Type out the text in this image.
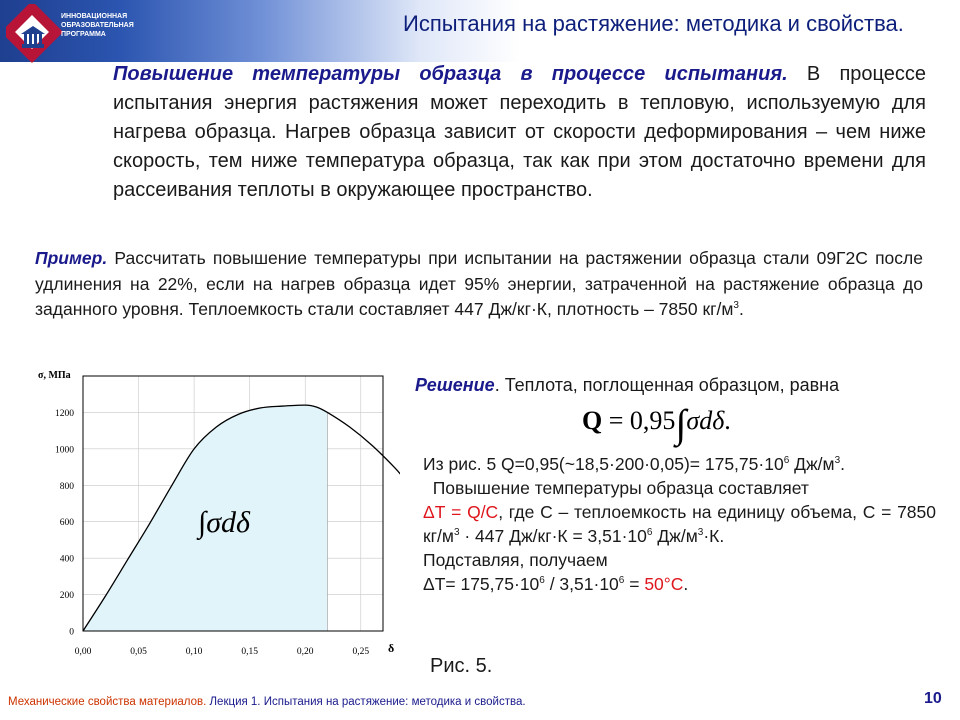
ИННОВАЦИОННАЯ
ОБРАЗОВАТЕЛЬНАЯ
ПРОГРАММА
УГТУ-УПИ
Испытания на растяжение: методика и свойства.
Повышение температуры образца в процессе испытания. В процессе испытания энергия растяжения может переходить в тепловую, используемую для нагрева образца. Нагрев образца зависит от скорости деформирования – чем ниже скорость, тем ниже температура образца, так как при этом достаточно времени для рассеивания теплоты в окружающее пространство.
Пример. Рассчитать повышение температуры при испытании на растяжении образца стали 09Г2С после удлинения на 22%, если на нагрев образца идет 95% энергии, затраченной на растяжение образца до заданного уровня. Теплоемкость стали составляет 447 Дж/кг·К, плотность – 7850 $кг/м^3$.
0
200
400
600
800
1000
1200
0,00	0,05	0,10	0,15	0,20	0,25
σ, МПа
δ
∫σdδ
Решение. Теплота, поглощенная образцом, равна
Q = 0,95∫σdδ.

Из рис. 5 Q=0,95(~18,5·200·0,05)= $175,75\cdot 10^6$ $Дж/м^3$.

Повышение температуры образца составляет

ΔТ = Q/C, где С – теплоемкость на единицу объема, С = 7850 $кг/м^3 \cdot 447$ $Дж/кг\cdot К = 3,51\cdot 10^6$ $Дж/м^3\cdot К$.

Подставляя, получаем

$\Delta Т= 175,75\cdot 10^6 / 3,51\cdot 10^6 = 50^\circ С$.

Рис. 5.
Механические свойства материалов. Лекция 1. Испытания на растяжение: методика и свойства.	10
